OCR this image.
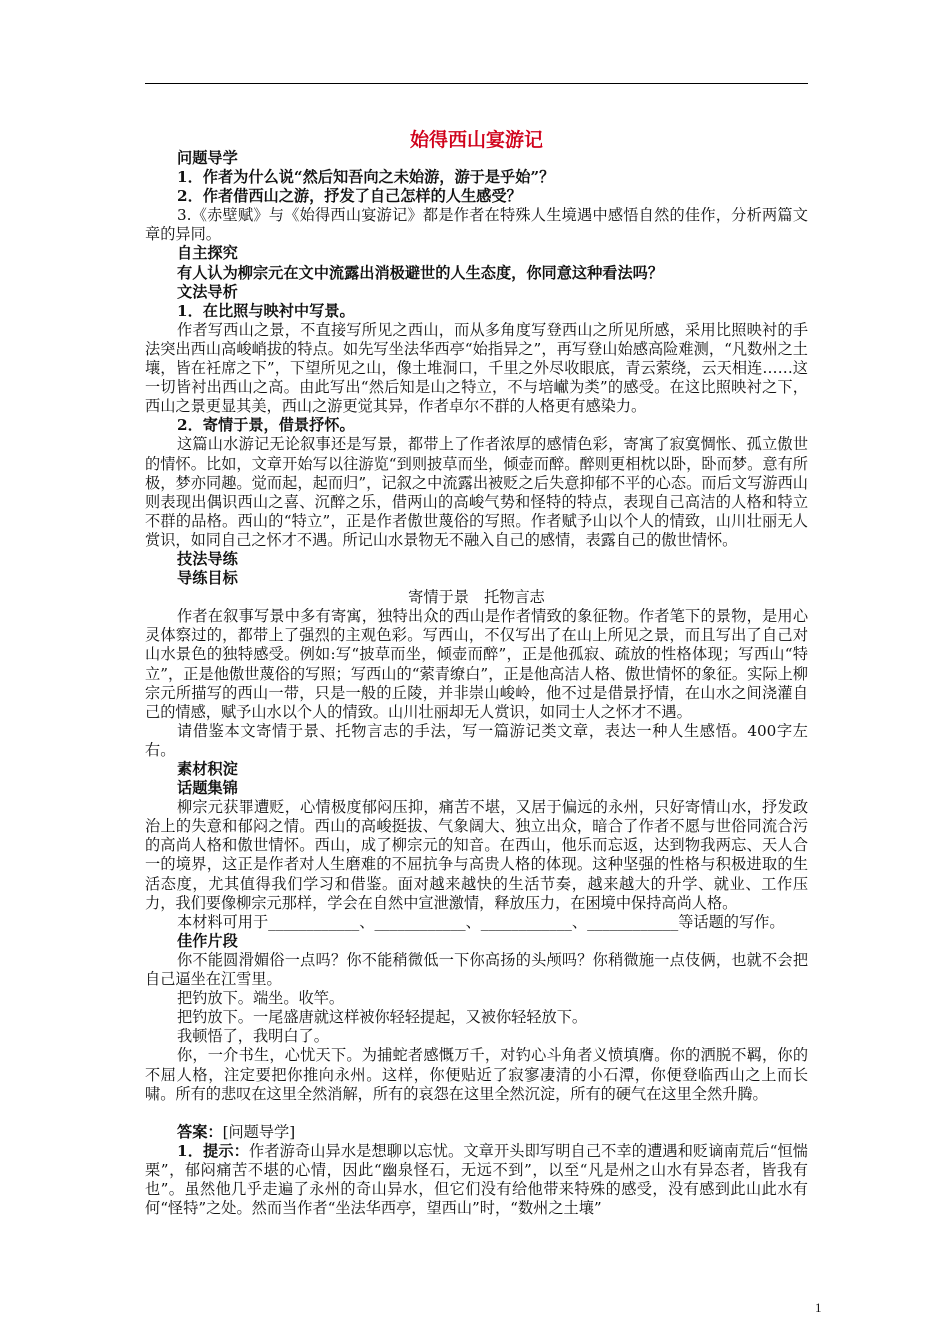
始得西山宴游记
问题导学
1．作者为什么说“然后知吾向之未始游，游于是乎始”？
2．作者借西山之游，抒发了自己怎样的人生感受？
3.《赤壁赋》与《始得西山宴游记》都是作者在特殊人生境遇中感悟自然的佳作，分析两篇文章的异同。
自主探究
有人认为柳宗元在文中流露出消极避世的人生态度，你同意这种看法吗？
文法导析
1．在比照与映衬中写景。
作者写西山之景，不直接写所见之西山，而从多角度写登西山之所见所感，采用比照映衬的手法突出西山高峻峭拔的特点。如先写坐法华西亭“始指异之”，再写登山始感高险难测，“凡数州之土壤，皆在衽席之下”，下望所见之山，像土堆洞口，千里之外尽收眼底，青云萦绕，云天相连……这一切皆衬出西山之高。由此写出“然后知是山之特立，不与培𪩘为类”的感受。在这比照映衬之下，西山之景更显其美，西山之游更觉其异，作者卓尔不群的人格更有感染力。
2．寄情于景，借景抒怀。
这篇山水游记无论叙事还是写景，都带上了作者浓厚的感情色彩，寄寓了寂寞惆怅、孤立傲世的情怀。比如，文章开始写以往游览“到则披草而坐，倾壶而醉。醉则更相枕以卧，卧而梦。意有所极，梦亦同趣。觉而起，起而归”，记叙之中流露出被贬之后失意抑郁不平的心态。而后文写游西山则表现出偶识西山之喜、沉醉之乐，借两山的高峻气势和怪特的特点，表现自己高洁的人格和特立不群的品格。西山的“特立”，正是作者傲世蔑俗的写照。作者赋予山以个人的情致，山川壮丽无人赏识，如同自己之怀才不遇。所记山水景物无不融入自己的感情，表露自己的傲世情怀。
技法导练
导练目标
寄情于景　托物言志
作者在叙事写景中多有寄寓，独特出众的西山是作者情致的象征物。作者笔下的景物，是用心灵体察过的，都带上了强烈的主观色彩。写西山，不仅写出了在山上所见之景，而且写出了自己对山水景色的独特感受。例如:写“披草而坐，倾壶而醉”，正是他孤寂、疏放的性格体现；写西山“特立”，正是他傲世蔑俗的写照；写西山的“萦青缭白”，正是他高洁人格、傲世情怀的象征。实际上柳宗元所描写的西山一带，只是一般的丘陵，并非崇山峻岭，他不过是借景抒情，在山水之间浇灌自己的情感，赋予山水以个人的情致。山川壮丽却无人赏识，如同士人之怀才不遇。
请借鉴本文寄情于景、托物言志的手法，写一篇游记类文章，表达一种人生感悟。400字左右。
素材积淀
话题集锦
柳宗元获罪遭贬，心情极度郁闷压抑，痛苦不堪，又居于偏远的永州，只好寄情山水，抒发政治上的失意和郁闷之情。西山的高峻挺拔、气象阔大、独立出众，暗合了作者不愿与世俗同流合污的高尚人格和傲世情怀。西山，成了柳宗元的知音。在西山，他乐而忘返，达到物我两忘、天人合一的境界，这正是作者对人生磨难的不屈抗争与高贵人格的体现。这种坚强的性格与积极进取的生活态度，尤其值得我们学习和借鉴。面对越来越快的生活节奏，越来越大的升学、就业、工作压力，我们要像柳宗元那样，学会在自然中宣泄激情，释放压力，在困境中保持高尚人格。
本材料可用于____________、____________、____________、____________等话题的写作。
佳作片段
你不能圆滑媚俗一点吗？你不能稍微低一下你高扬的头颅吗？你稍微施一点伎俩，也就不会把自己逼坐在江雪里。
把钓放下。端坐。收竿。
把钓放下。一尾盛唐就这样被你轻轻提起，又被你轻轻放下。
我顿悟了，我明白了。
你，一介书生，心忧天下。为捕蛇者感慨万千，对钓心斗角者义愤填膺。你的洒脱不羁，你的不屈人格，注定要把你推向永州。这样，你便贴近了寂寥凄清的小石潭，你便登临西山之上而长啸。所有的悲叹在这里全然消解，所有的哀怨在这里全然沉淀，所有的硬气在这里全然升腾。
答案：[问题导学]
1．提示：作者游奇山异水是想聊以忘忧。文章开头即写明自己不幸的遭遇和贬谪南荒后“恒惴栗”，郁闷痛苦不堪的心情，因此“幽泉怪石，无远不到”，以至“凡是州之山水有异态者，皆我有也”。虽然他几乎走遍了永州的奇山异水，但它们没有给他带来特殊的感受，没有感到此山此水有何“怪特”之处。然而当作者“坐法华西亭，望西山”时，“数州之土壤”
1
